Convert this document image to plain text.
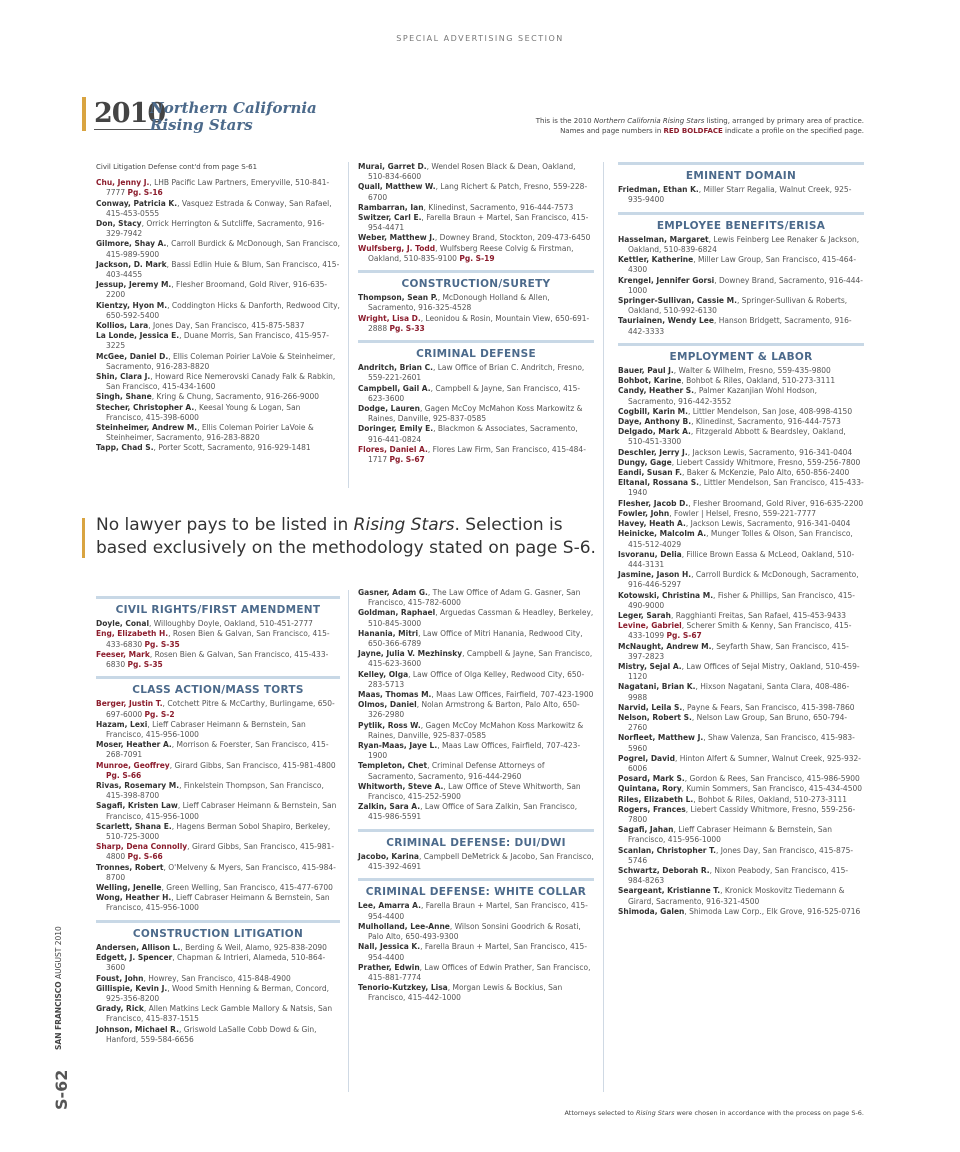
SPECIAL ADVERTISING SECTION
2010
Northern California
Rising Stars	This is the 2010 Northern California Rising Stars listing, arranged by primary area of practice.
Names and page numbers in RED BOLDFACE indicate a profile on the specified page.
Civil Litigation Defense cont'd from page S-61
Chu, Jenny J., LHB Pacific Law Partners, Emeryville, 510-841-7777 Pg. S-16
Conway, Patricia K., Vasquez Estrada & Conway, San Rafael, 415-453-0555
Don, Stacy, Orrick Herrington & Sutcliffe, Sacramento, 916-329-7942
Gilmore, Shay A., Carroll Burdick & McDonough, San Francisco, 415-989-5900
Jackson, D. Mark, Bassi Edlin Huie & Blum, San Francisco, 415-403-4455
Jessup, Jeremy M., Flesher Broomand, Gold River, 916-635-2200
Kientzy, Hyon M., Coddington Hicks & Danforth, Redwood City, 650-592-5400
Kollios, Lara, Jones Day, San Francisco, 415-875-5837
La Londe, Jessica E., Duane Morris, San Francisco, 415-957-3225
McGee, Daniel D., Ellis Coleman Poirier LaVoie & Steinheimer, Sacramento, 916-283-8820
Shin, Clara J., Howard Rice Nemerovski Canady Falk & Rabkin, San Francisco, 415-434-1600
Singh, Shane, Kring & Chung, Sacramento, 916-266-9000
Stecher, Christopher A., Keesal Young & Logan, San Francisco, 415-398-6000
Steinheimer, Andrew M., Ellis Coleman Poirier LaVoie & Steinheimer, Sacramento, 916-283-8820
Tapp, Chad S., Porter Scott, Sacramento, 916-929-1481
Murai, Garret D., Wendel Rosen Black & Dean, Oakland, 510-834-6600
Quall, Matthew W., Lang Richert & Patch, Fresno, 559-228-6700
Rambarran, Ian, Klinedinst, Sacramento, 916-444-7573
Switzer, Carl E., Farella Braun + Martel, San Francisco, 415-954-4471
Weber, Matthew J., Downey Brand, Stockton, 209-473-6450
Wulfsberg, J. Todd, Wulfsberg Reese Colvig & Firstman, Oakland, 510-835-9100 Pg. S-19
CONSTRUCTION/SURETY
Thompson, Sean P., McDonough Holland & Allen, Sacramento, 916-325-4528
Wright, Lisa D., Leonidou & Rosin, Mountain View, 650-691-2888 Pg. S-33
CRIMINAL DEFENSE
Andritch, Brian C., Law Office of Brian C. Andritch, Fresno, 559-221-2601
Campbell, Gail A., Campbell & Jayne, San Francisco, 415-623-3600
Dodge, Lauren, Gagen McCoy McMahon Koss Markowitz & Raines, Danville, 925-837-0585
Doringer, Emily E., Blackmon & Associates, Sacramento, 916-441-0824
Flores, Daniel A., Flores Law Firm, San Francisco, 415-484-1717 Pg. S-67
CIVIL RIGHTS/FIRST AMENDMENT
Doyle, Conal, Willoughby Doyle, Oakland, 510-451-2777
Eng, Elizabeth H., Rosen Bien & Galvan, San Francisco, 415-433-6830 Pg. S-35
Feeser, Mark, Rosen Bien & Galvan, San Francisco, 415-433-6830 Pg. S-35
CLASS ACTION/MASS TORTS
Berger, Justin T., Cotchett Pitre & McCarthy, Burlingame, 650-697-6000 Pg. S-2
Hazam, Lexi, Lieff Cabraser Heimann & Bernstein, San Francisco, 415-956-1000
Moser, Heather A., Morrison & Foerster, San Francisco, 415-268-7091
Munroe, Geoffrey, Girard Gibbs, San Francisco, 415-981-4800 Pg. S-66
Rivas, Rosemary M., Finkelstein Thompson, San Francisco, 415-398-8700
Sagafi, Kristen Law, Lieff Cabraser Heimann & Bernstein, San Francisco, 415-956-1000
Scarlett, Shana E., Hagens Berman Sobol Shapiro, Berkeley, 510-725-3000
Sharp, Dena Connolly, Girard Gibbs, San Francisco, 415-981-4800 Pg. S-66
Tronnes, Robert, O'Melveny & Myers, San Francisco, 415-984-8700
Welling, Jenelle, Green Welling, San Francisco, 415-477-6700
Wong, Heather H., Lieff Cabraser Heimann & Bernstein, San Francisco, 415-956-1000
CONSTRUCTION LITIGATION
Andersen, Allison L., Berding & Weil, Alamo, 925-838-2090
Edgett, J. Spencer, Chapman & Intrieri, Alameda, 510-864-3600
Foust, John, Howrey, San Francisco, 415-848-4900
Gillispie, Kevin J., Wood Smith Henning & Berman, Concord, 925-356-8200
Grady, Rick, Allen Matkins Leck Gamble Mallory & Natsis, San Francisco, 415-837-1515
Johnson, Michael R., Griswold LaSalle Cobb Dowd & Gin, Hanford, 559-584-6656
Gasner, Adam G., The Law Office of Adam G. Gasner, San Francisco, 415-782-6000
Goldman, Raphael, Arguedas Cassman & Headley, Berkeley, 510-845-3000
Hanania, Mitri, Law Office of Mitri Hanania, Redwood City, 650-366-6789
Jayne, Julia V. Mezhinsky, Campbell & Jayne, San Francisco, 415-623-3600
Kelley, Olga, Law Office of Olga Kelley, Redwood City, 650-283-5713
Maas, Thomas M., Maas Law Offices, Fairfield, 707-423-1900
Olmos, Daniel, Nolan Armstrong & Barton, Palo Alto, 650-326-2980
Pytlik, Ross W., Gagen McCoy McMahon Koss Markowitz & Raines, Danville, 925-837-0585
Ryan-Maas, Jaye L., Maas Law Offices, Fairfield, 707-423-1900
Templeton, Chet, Criminal Defense Attorneys of Sacramento, Sacramento, 916-444-2960
Whitworth, Steve A., Law Office of Steve Whitworth, San Francisco, 415-252-5900
Zalkin, Sara A., Law Office of Sara Zalkin, San Francisco, 415-986-5591
CRIMINAL DEFENSE: DUI/DWI
Jacobo, Karina, Campbell DeMetrick & Jacobo, San Francisco, 415-392-4691
CRIMINAL DEFENSE: WHITE COLLAR
Lee, Amarra A., Farella Braun + Martel, San Francisco, 415-954-4400
Mulholland, Lee-Anne, Wilson Sonsini Goodrich & Rosati, Palo Alto, 650-493-9300
Nall, Jessica K., Farella Braun + Martel, San Francisco, 415-954-4400
Prather, Edwin, Law Offices of Edwin Prather, San Francisco, 415-881-7774
Tenorio-Kutzkey, Lisa, Morgan Lewis & Bockius, San Francisco, 415-442-1000
EMINENT DOMAIN
Friedman, Ethan K., Miller Starr Regalia, Walnut Creek, 925-935-9400
EMPLOYEE BENEFITS/ERISA
Hasselman, Margaret, Lewis Feinberg Lee Renaker & Jackson, Oakland, 510-839-6824
Kettler, Katherine, Miller Law Group, San Francisco, 415-464-4300
Krengel, Jennifer Gorsi, Downey Brand, Sacramento, 916-444-1000
Springer-Sullivan, Cassie M., Springer-Sullivan & Roberts, Oakland, 510-992-6130
Tauriainen, Wendy Lee, Hanson Bridgett, Sacramento, 916-442-3333
EMPLOYMENT & LABOR
Bauer, Paul J., Walter & Wilhelm, Fresno, 559-435-9800
Bohbot, Karine, Bohbot & Riles, Oakland, 510-273-3111
Candy, Heather S., Palmer Kazanjian Wohl Hodson, Sacramento, 916-442-3552
Cogbill, Karin M., Littler Mendelson, San Jose, 408-998-4150
Daye, Anthony B., Klinedinst, Sacramento, 916-444-7573
Delgado, Mark A., Fitzgerald Abbott & Beardsley, Oakland, 510-451-3300
Deschler, Jerry J., Jackson Lewis, Sacramento, 916-341-0404
Dungy, Gage, Liebert Cassidy Whitmore, Fresno, 559-256-7800
Eandi, Susan F., Baker & McKenzie, Palo Alto, 650-856-2400
Eltanal, Rossana S., Littler Mendelson, San Francisco, 415-433-1940
Flesher, Jacob D., Flesher Broomand, Gold River, 916-635-2200
Fowler, John, Fowler | Helsel, Fresno, 559-221-7777
Havey, Heath A., Jackson Lewis, Sacramento, 916-341-0404
Heinicke, Malcolm A., Munger Tolles & Olson, San Francisco, 415-512-4029
Isvoranu, Delia, Fillice Brown Eassa & McLeod, Oakland, 510-444-3131
Jasmine, Jason H., Carroll Burdick & McDonough, Sacramento, 916-446-5297
Kotowski, Christina M., Fisher & Phillips, San Francisco, 415-490-9000
Leger, Sarah, Ragghianti Freitas, San Rafael, 415-453-9433
Levine, Gabriel, Scherer Smith & Kenny, San Francisco, 415-433-1099 Pg. S-67
McNaught, Andrew M., Seyfarth Shaw, San Francisco, 415-397-2823
Mistry, Sejal A., Law Offices of Sejal Mistry, Oakland, 510-459-1120
Nagatani, Brian K., Hixson Nagatani, Santa Clara, 408-486-9988
Narvid, Leila S., Payne & Fears, San Francisco, 415-398-7860
Nelson, Robert S., Nelson Law Group, San Bruno, 650-794-2760
Norfleet, Matthew J., Shaw Valenza, San Francisco, 415-983-5960
Pogrel, David, Hinton Alfert & Sumner, Walnut Creek, 925-932-6006
Posard, Mark S., Gordon & Rees, San Francisco, 415-986-5900
Quintana, Rory, Kumin Sommers, San Francisco, 415-434-4500
Riles, Elizabeth L., Bohbot & Riles, Oakland, 510-273-3111
Rogers, Frances, Liebert Cassidy Whitmore, Fresno, 559-256-7800
Sagafi, Jahan, Lieff Cabraser Heimann & Bernstein, San Francisco, 415-956-1000
Scanlan, Christopher T., Jones Day, San Francisco, 415-875-5746
Schwartz, Deborah R., Nixon Peabody, San Francisco, 415-984-8263
Seargeant, Kristianne T., Kronick Moskovitz Tiedemann & Girard, Sacramento, 916-321-4500
Shimoda, Galen, Shimoda Law Corp., Elk Grove, 916-525-0716
No lawyer pays to be listed in Rising Stars. Selection is based exclusively on the methodology stated on page S-6.
Attorneys selected to Rising Stars were chosen in accordance with the process on page S-6.
SAN FRANCISCO AUGUST 2010
S-62
